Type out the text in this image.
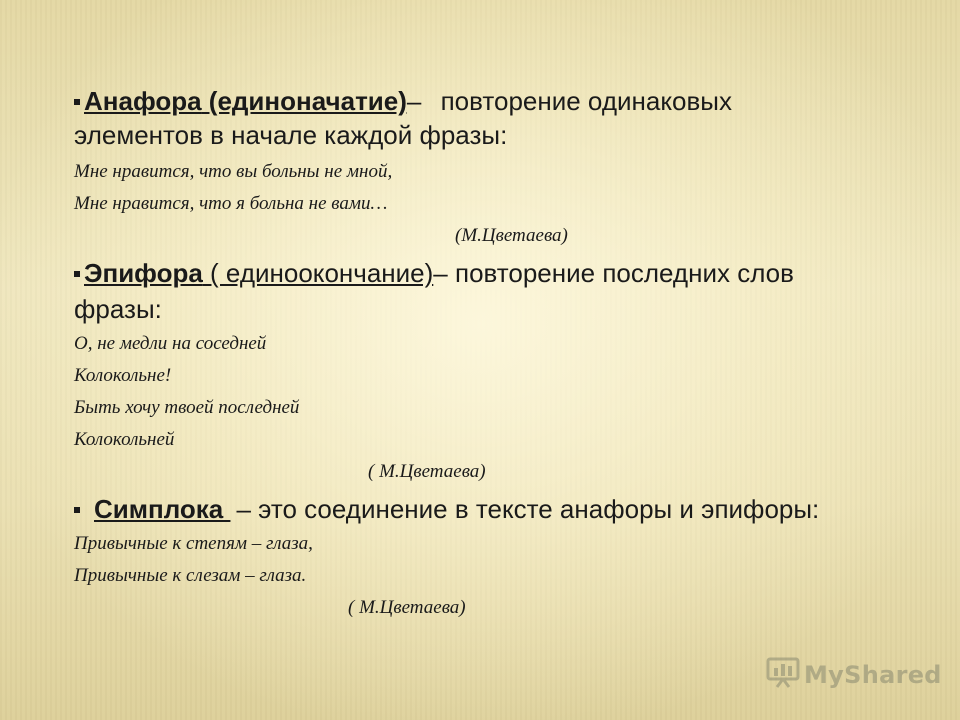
Анафора (единоначатие)– повторение одинаковых
элементов в начале каждой фразы:
Мне нравится, что вы больны не мной,
Мне нравится, что я больна не вами…
(М.Цветаева)
Эпифора ( единоокончание)– повторение последних слов
фразы:
О, не медли на соседней
Колокольне!
Быть хочу твоей последней
Колокольней
( М.Цветаева)
Симплока – это соединение в тексте анафоры и эпифоры:
Привычные к степям – глаза,
Привычные к слезам – глаза.
( М.Цветаева)
MyShared
